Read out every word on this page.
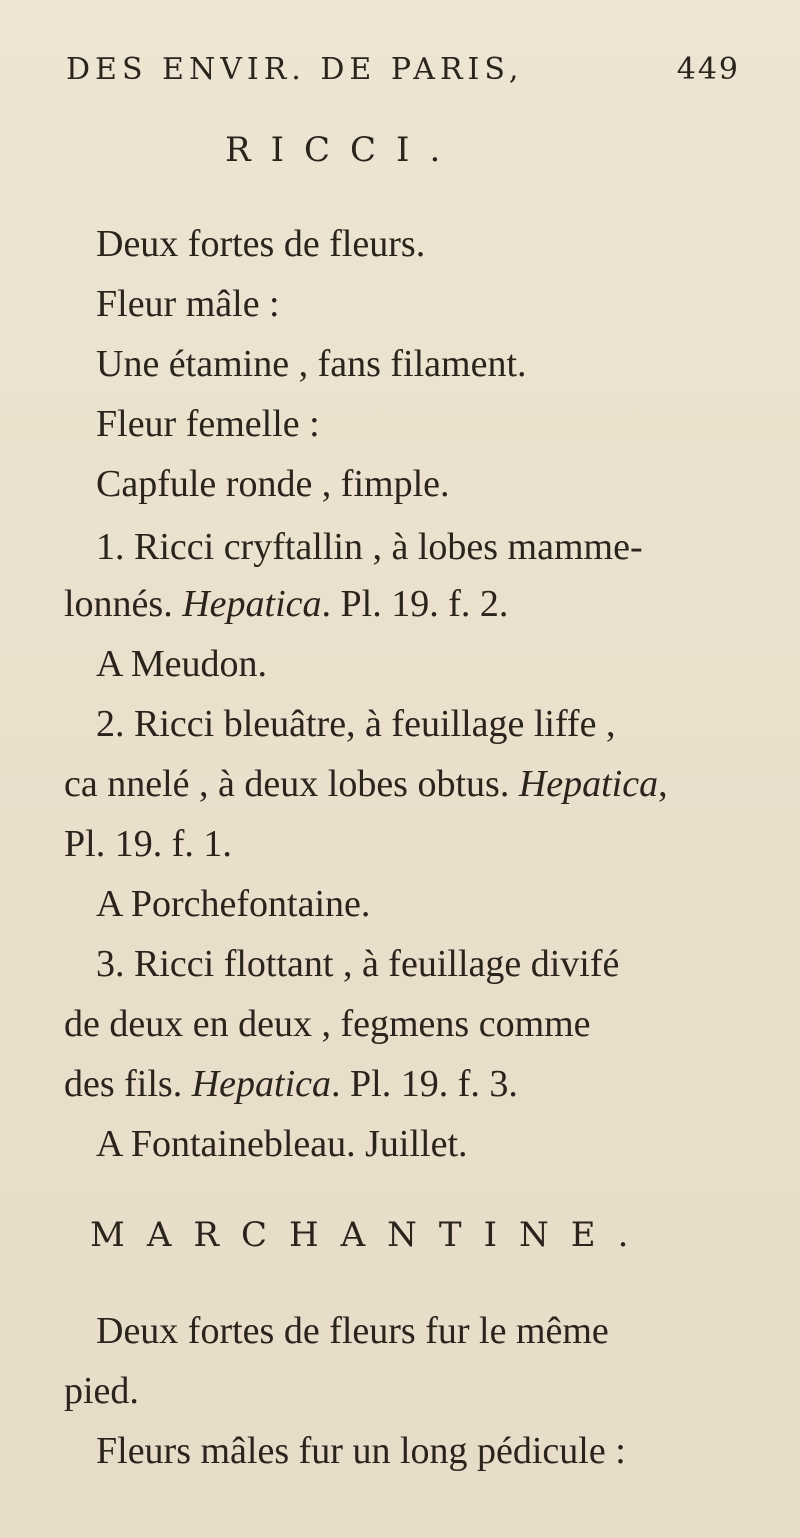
DES ENVIR. DE PARIS,	449
RICCI.
Deux fortes de fleurs.
Fleur mâle :
Une étamine , fans filament.
Fleur femelle :
Capfule ronde , fimple.
1. Ricci cryftallin , à lobes mamme-
lonnés. Hepatica. Pl. 19. f. 2.
A Meudon.
2. Ricci bleuâtre, à feuillage liffe ,
ca nnelé , à deux lobes obtus. Hepatica,
Pl. 19. f. 1.
A Porchefontaine.
3. Ricci flottant , à feuillage divifé
de deux en deux , fegmens comme
des fils. Hepatica. Pl. 19. f. 3.
A Fontainebleau. Juillet.
MARCHANTINE.
Deux fortes de fleurs fur le même
pied.
Fleurs mâles fur un long pédicule :
